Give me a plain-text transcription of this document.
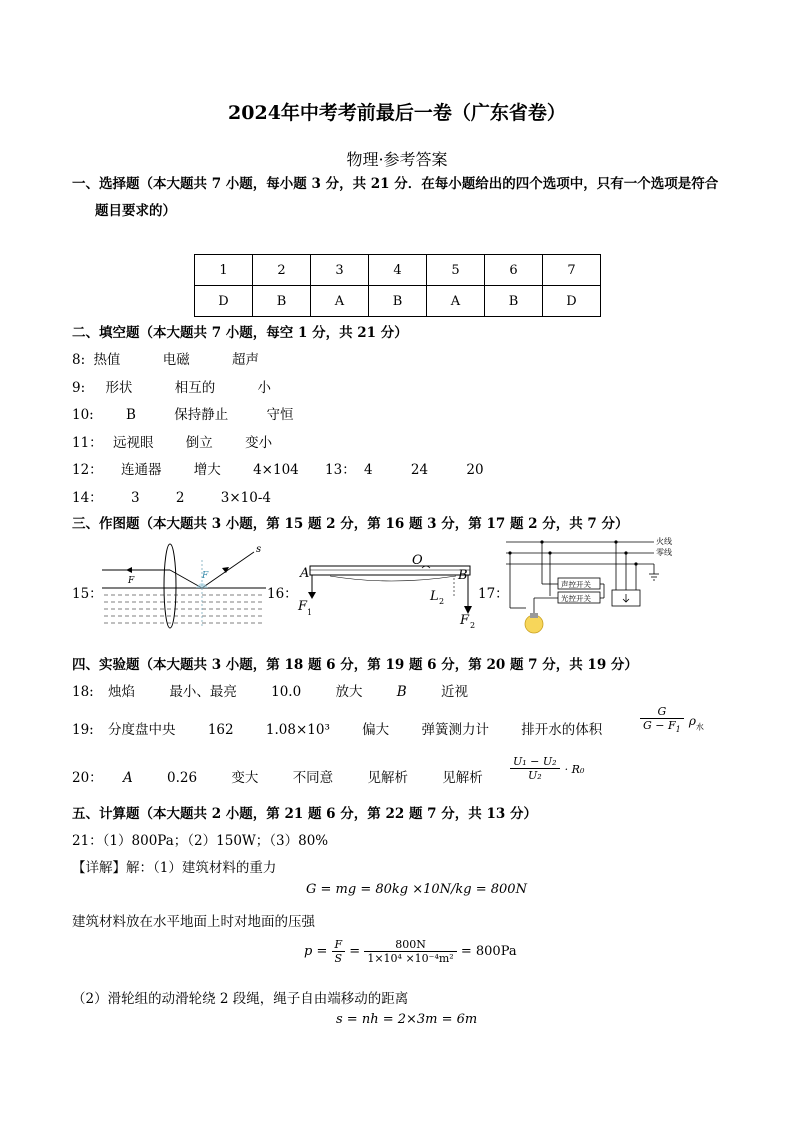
2024年中考考前最后一卷（广东省卷）
物理·参考答案
一、选择题（本大题共 7 小题，每小题 3 分，共 21 分．在每小题给出的四个选项中，只有一个选项是符合
题目要求的）
1	2	3	4	5	6	7
D	B	A	B	A	B	D
二、填空题（本大题共 7 小题，每空 1 分，共 21 分）
8: 热值	电磁	超声
9: 形状	相互的	小
10: B	保持静止	守恒
11： 远视眼 倒立 变小
12： 连通器 增大 4×104 13： 4	24	20
14： 3	2	3×10-4
三、作图题（本大题共 3 小题，第 15 题 2 分，第 16 题 3 分，第 17 题 2 分，共 7 分）
15：	16：	17：
s
F	F	A
O
B
F 1
L 2
F 2
火线
零线
声控开关
光控开关
四、实验题（本大题共 3 小题，第 18 题 6 分，第 19 题 6 分，第 20 题 7 分，共 19 分）
18: 烛焰	最小、最亮	10.0	放大	B	近视
19: 分度盘中央 162 1.08×10³ 偏大 弹簧测力计 排开水的体积	$\frac{G}{G - F_1} \rho_水$
20： A	0.26	变大	不同意	见解析	见解析 $\frac{\text{U₁ − U₂}}{\text{U₂}} \cdot R_0$
五、计算题（本大题共 2 小题，第 21 题 6 分，第 22 题 7 分，共 13 分）
21：（1）800Pa；（2）150W；（3）80%
【详解】解：（1）建筑材料的重力
G = mg = 80kg ×10N/kg = 800N
建筑材料放在水平地面上时对地面的压强
$p = \frac{F}{S} = \frac{800N}{\text{1×10⁴ ×10⁻⁴m²}} = 800Pa$
（2）滑轮组的动滑轮绕 2 段绳，绳子自由端移动的距离
s = nh = 2×3m = 6m
